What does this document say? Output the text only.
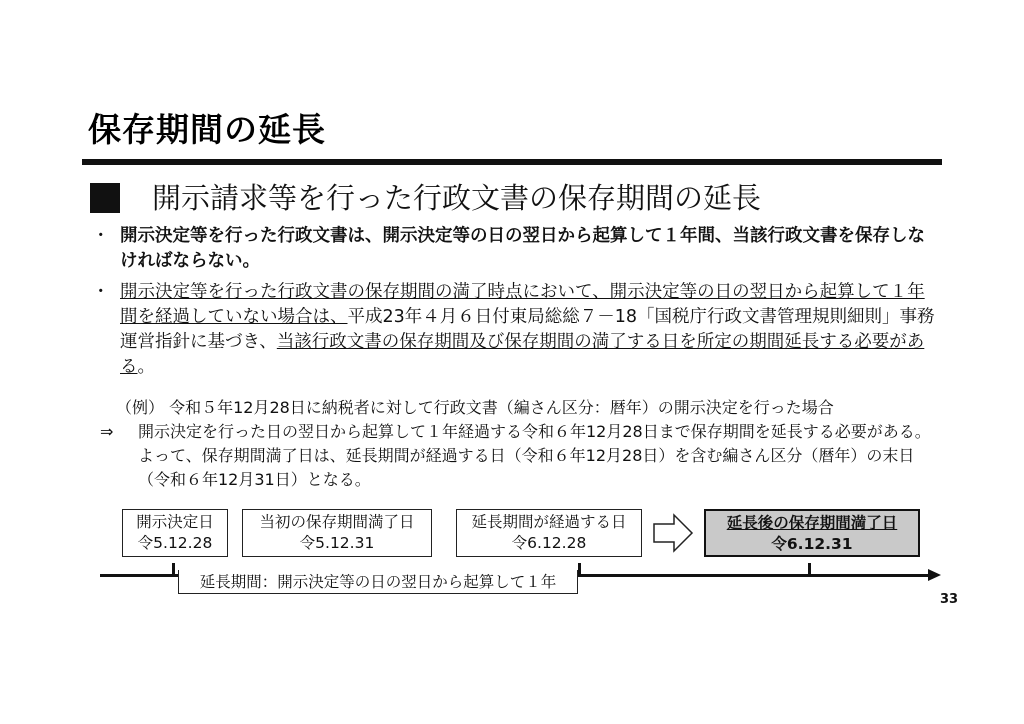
保存期間の延長
開示請求等を行った行政文書の保存期間の延長
・ 開示決定等を行った行政文書は、開示決定等の日の翌日から起算して１年間、当該行政文書を保存しなければならない。
・ 開示決定等を行った行政文書の保存期間の満了時点において、開示決定等の日の翌日から起算して１年間を経過していない場合は、平成23年４月６日付東局総総７－18「国税庁行政文書管理規則細則」事務運営指針に基づき、当該行政文書の保存期間及び保存期間の満了する日を所定の期間延長する必要がある。
（例） 令和５年12月28日に納税者に対して行政文書（編さん区分：暦年）の開示決定を行った場合
⇒ 開示決定を行った日の翌日から起算して１年経過する令和６年12月28日まで保存期間を延長する必要がある。よって、保存期間満了日は、延長期間が経過する日（令和６年12月28日）を含む編さん区分（暦年）の末日（令和６年12月31日）となる。
開示決定日
令5.12.28
当初の保存期間満了日
令5.12.31
延長期間が経過する日
令6.12.28
延長後の保存期間満了日
令6.12.31
延長期間：開示決定等の日の翌日から起算して１年
33
